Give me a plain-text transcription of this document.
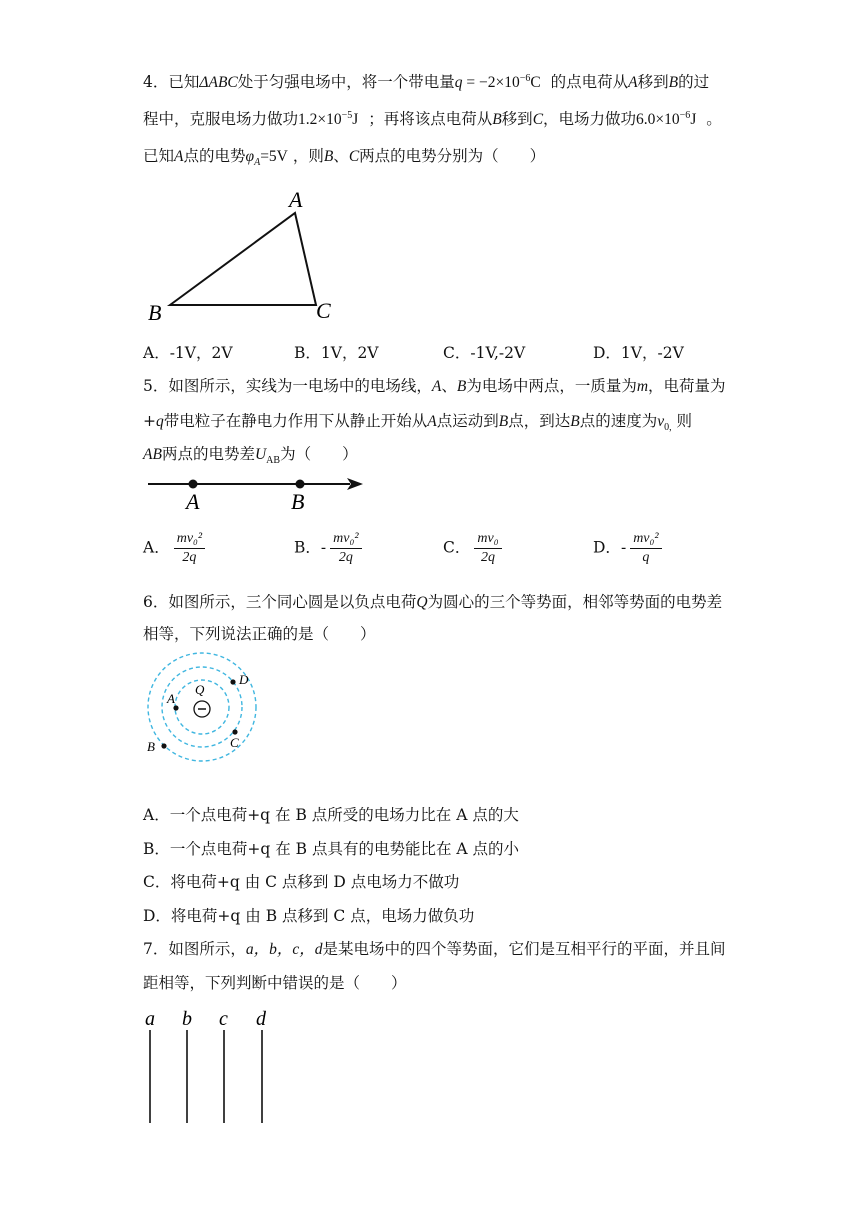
4．已知ΔABC处于匀强电场中，将一个带电量$q = -2\times 10^{-6}C$ 的点电荷从A移到B的过
程中，克服电场力做功$1.2\times 10^{-5}J$ ；再将该点电荷从B移到C，电场力做功$6.0\times 10^{-6}J$ 。
已知A点的电势$\varphi_A=5V$ ，则B、C两点的电势分别为（　　）
A
B	C
A．-1V，2V	B．1V，2V	C．-1V,-2V	D．1V，-2V
5．如图所示，实线为一电场中的电场线，A、B为电场中两点，一质量为m，电荷量为
+q带电粒子在静电力作用下从静止开始从A点运动到B点，到达B点的速度为$v_{0,}$ 则
AB两点的电势差$U_{AB}$为（　　）
A	B
A． $\frac{\text{mv₀²}}{2q}$	B．- $\frac{\text{mv₀²}}{2q}$	C． $\frac{\text{mv₀}}{2q}$	D．- $\frac{\text{mv₀²}}{q}$
6．如图所示，三个同心圆是以负点电荷Q为圆心的三个等势面，相邻等势面的电势差
相等，下列说法正确的是（　　）
Q
A
B	C
D
A．一个点电荷+q 在 B 点所受的电场力比在 A 点的大
B．一个点电荷+q 在 B 点具有的电势能比在 A 点的小
C．将电荷+q 由 C 点移到 D 点电场力不做功
D．将电荷+q 由 B 点移到 C 点，电场力做负功
7．如图所示，a，b，c，d是某电场中的四个等势面，它们是互相平行的平面，并且间
距相等，下列判断中错误的是（　　）
a b c d
